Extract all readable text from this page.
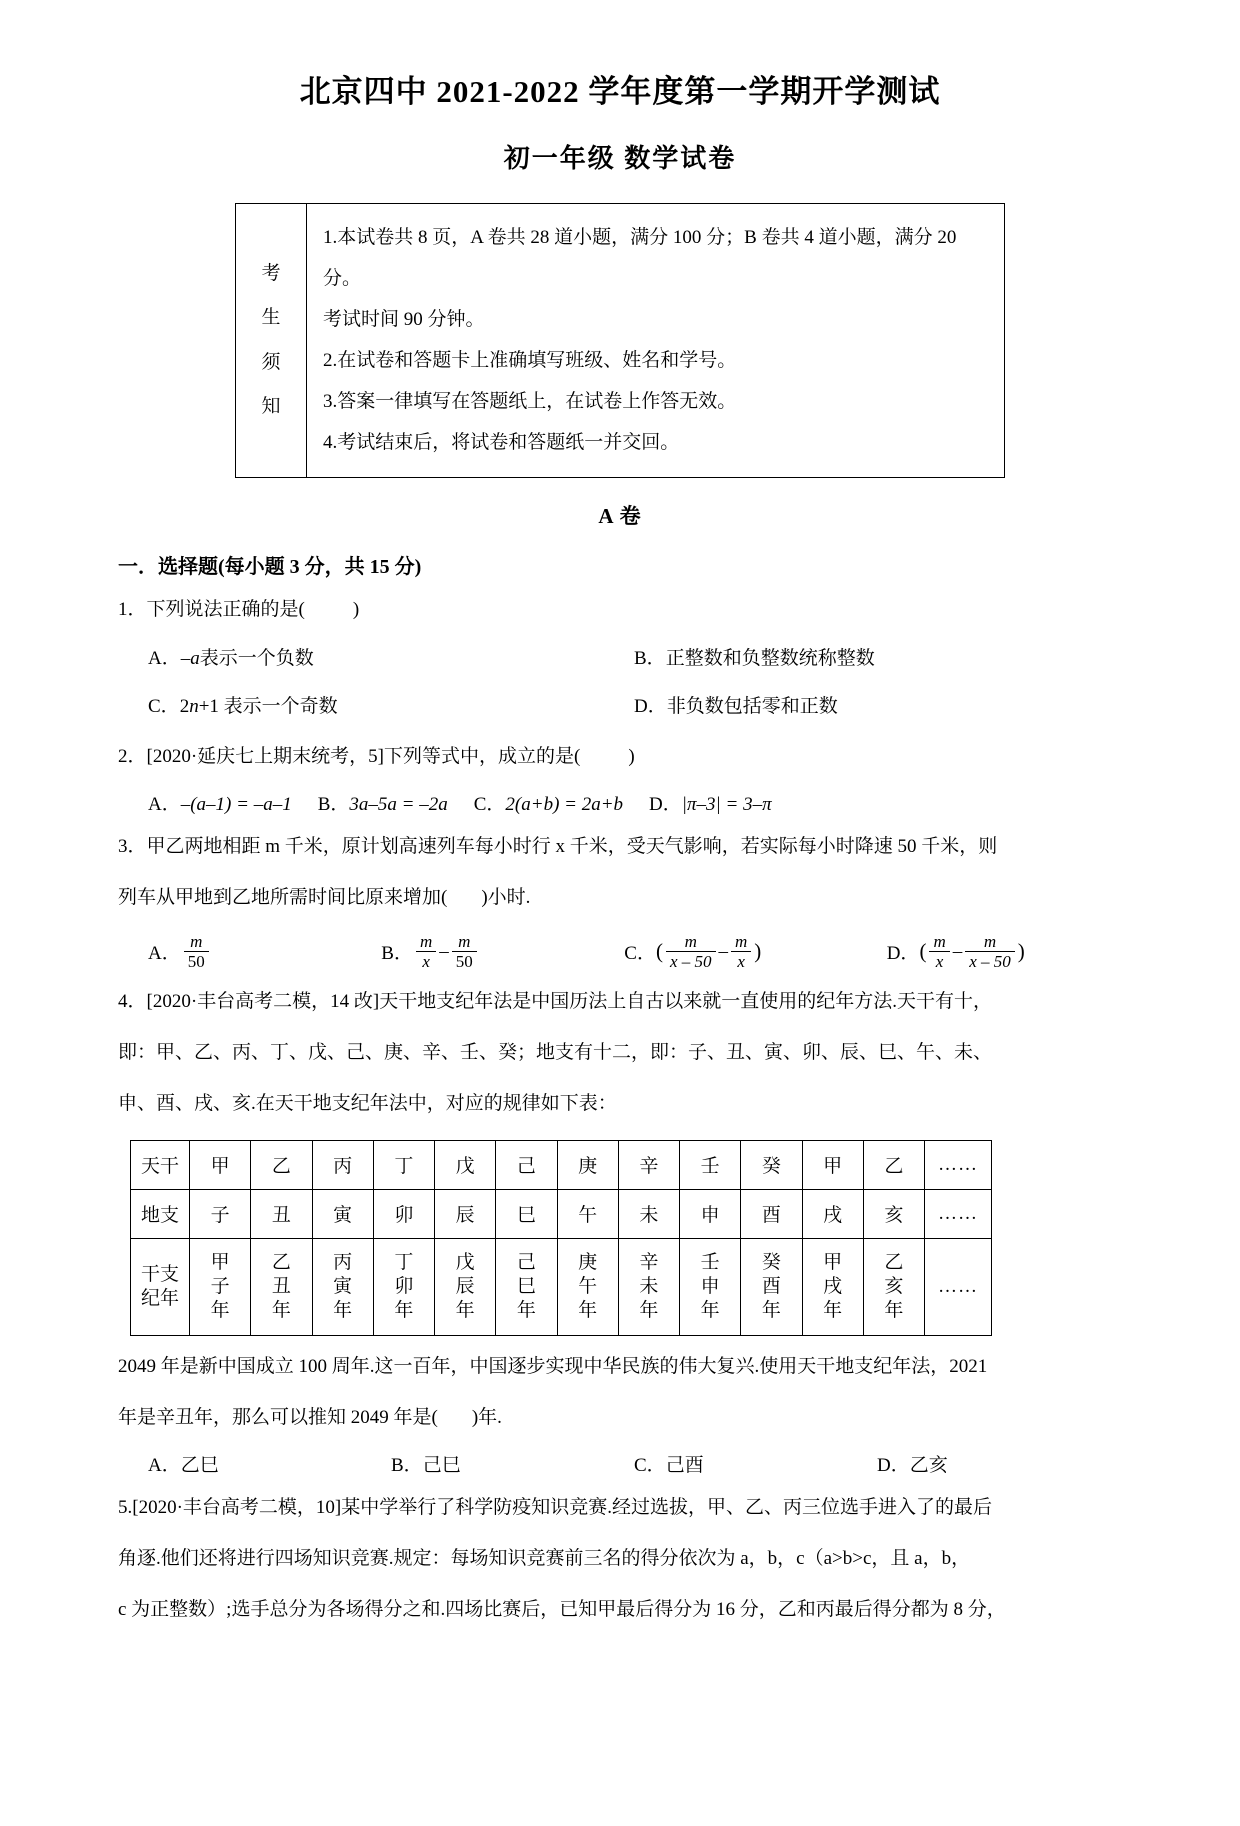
北京四中 2021-2022 学年度第一学期开学测试
初一年级 数学试卷
考
生
须
知

1.本试卷共 8 页，A 卷共 28 道小题，满分 100 分；B 卷共 4 道小题，满分 20 分。

考试时间 90 分钟。

2.在试卷和答题卡上准确填写班级、姓名和学号。

3.答案一律填写在答题纸上，在试卷上作答无效。

4.考试结束后，将试卷和答题纸一并交回。

A 卷
一．选择题(每小题 3 分，共 15 分)
1．下列说法正确的是(	)
A．–a表示一个负数	B．正整数和负整数统称整数
C．2n+1 表示一个奇数	D．非负数包括零和正数
2．[2020·延庆七上期末统考，5]下列等式中，成立的是(	)
A．–(a–1) = –a–1 B．3a–5a = –2a C．2(a+b) = 2a+b D．|π–3| = 3–π
3．甲乙两地相距 m 千米，原计划高速列车每小时行 x 千米，受天气影响，若实际每小时降速 50 千米，则
列车从甲地到乙地所需时间比原来增加( )小时.
A． $\frac{m}{50}$	B． $\frac{m}{x} - \frac{m}{50}$	C． ( $\frac{m}{x - 50} - \frac{m}{x}$ )	D． ( $\frac{m}{x} - \frac{m}{x - 50}$ )
4．[2020·丰台高考二模，14 改]天干地支纪年法是中国历法上自古以来就一直使用的纪年方法.天干有十，
即：甲、乙、丙、丁、戊、己、庚、辛、壬、癸；地支有十二，即：子、丑、寅、卯、辰、巳、午、未、
申、酉、戌、亥.在天干地支纪年法中，对应的规律如下表：
天干	甲	乙	丙	丁	戊	己	庚	辛	壬	癸	甲	乙	……
地支	子	丑	寅	卯	辰	巳	午	未	申	酉	戌	亥	……

干支
纪年	甲
子
年	乙
丑
年	丙
寅
年	丁
卯
年	戊
辰
年	己
巳
年	庚
午
年	辛
未
年	壬
申
年	癸
酉
年	甲
戌
年	乙
亥
年	……
2049 年是新中国成立 100 周年.这一百年，中国逐步实现中华民族的伟大复兴.使用天干地支纪年法，2021
年是辛丑年，那么可以推知 2049 年是( )年.
A．乙巳	B．己巳	C．己酉	D．乙亥
5.[2020·丰台高考二模，10]某中学举行了科学防疫知识竞赛.经过选拔，甲、乙、丙三位选手进入了的最后
角逐.他们还将进行四场知识竞赛.规定：每场知识竞赛前三名的得分依次为 a，b，c（a>b>c，且 a，b，
c 为正整数）;选手总分为各场得分之和.四场比赛后，已知甲最后得分为 16 分，乙和丙最后得分都为 8 分，
